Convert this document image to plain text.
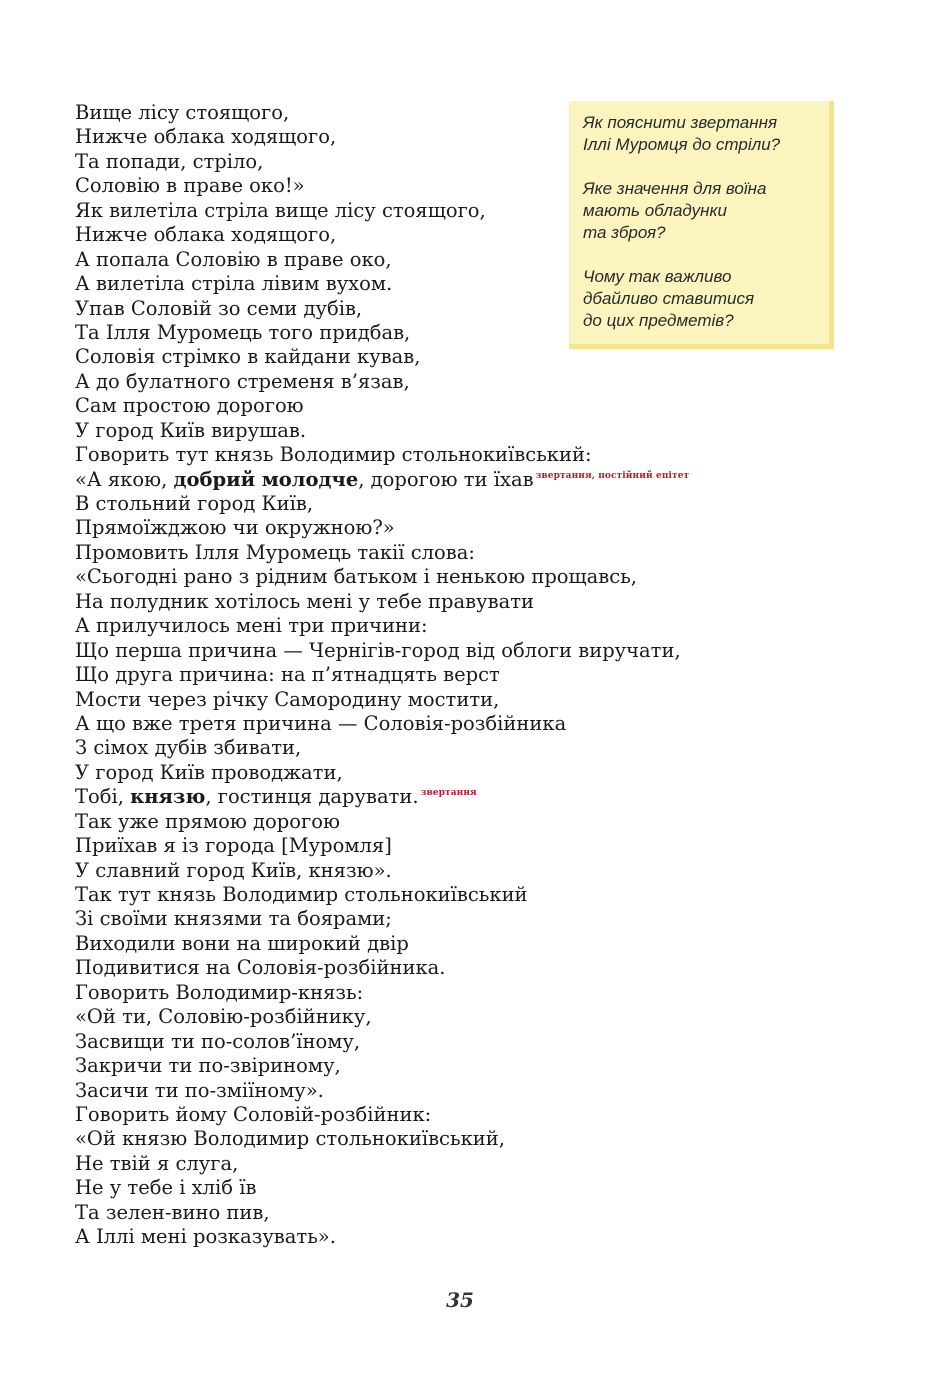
Вище лісу стоящого,
Нижче облака ходящого,
Та попади, стріло,
Соловію в праве око!»
Як вилетіла стріла вище лісу стоящого,
Нижче облака ходящого,
А попала Соловію в праве око,
А вилетіла стріла лівим вухом.
Упав Соловій зо семи дубів,
Та Ілля Муромець того придбав,
Соловія стрімко в кайдани кував,
А до булатного стременя в’язав,
Сам простою дорогою
У город Київ вирушав.
Говорить тут князь Володимир стольнокиївський:
«А якою, добрий молодче, дорогою ти їхав $^{звертання, постійний епітет}$
В стольний город Київ,
Прямоїжджою чи окружною?»
Промовить Ілля Муромець такії слова:
«Сьогодні рано з рідним батьком і ненькою прощавсь,
На полудник хотілось мені у тебе правувати
А прилучилось мені три причини:
Що перша причина — Чернігів-город від облоги виручати,
Що друга причина: на п’ятнадцять верст
Мости через річку Самородину мостити,
А що вже третя причина — Соловія-розбійника
З сімох дубів збивати,
У город Київ проводжати,
Тобі, князю, гостинця дарувати. $^{звертання}$
Так уже прямою дорогою
Приїхав я із города [Муромля]
У славний город Київ, князю».
Так тут князь Володимир стольнокиївський
Зі своїми князями та боярами;
Виходили вони на широкий двір
Подивитися на Соловія-розбійника.
Говорить Володимир-князь:
«Ой ти, Соловію-розбійнику,
Засвищи ти по-солов’їному,
Закричи ти по-звіриному,
Засичи ти по-зміїному».
Говорить йому Соловій-розбійник:
«Ой князю Володимир стольнокиївський,
Не твій я слуга,
Не у тебе і хліб їв
Та зелен-вино пив,
А Іллі мені розказувать».
Як пояснити звертання
Іллі Муромця до стріли?
Яке значення для воїна
мають обладунки
та зброя?
Чому так важливо
дбайливо ставитися
до цих предметів?
35
